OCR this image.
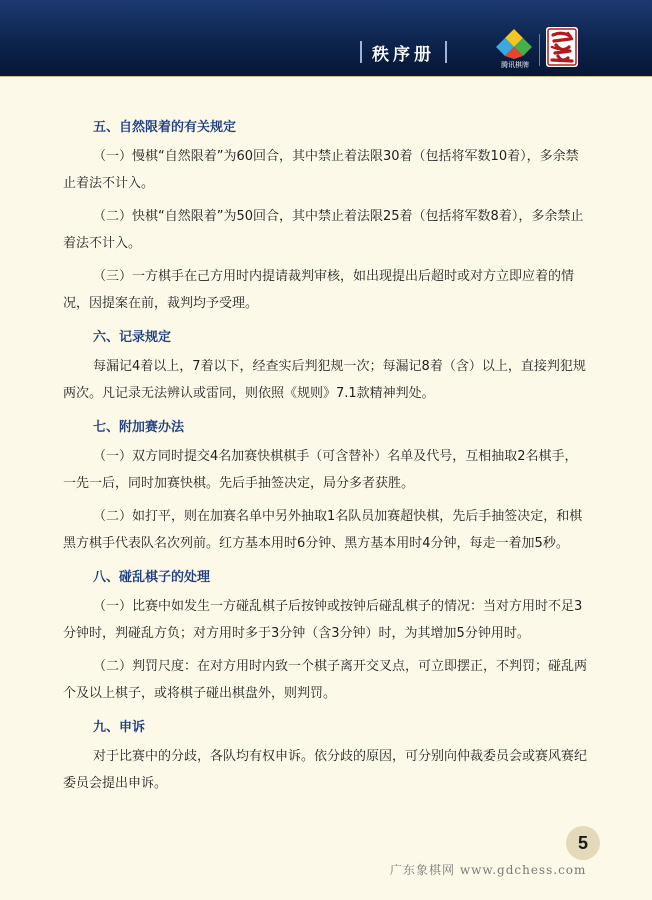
秩序册
腾讯棋牌
五、自然限着的有关规定

（一）慢棋“自然限着”为60回合，其中禁止着法限30着（包括将军数10着），多余禁止着法不计入。

（二）快棋“自然限着”为50回合，其中禁止着法限25着（包括将军数8着），多余禁止着法不计入。

（三）一方棋手在己方用时内提请裁判审核，如出现提出后超时或对方立即应着的情况，因提案在前，裁判均予受理。

六、记录规定

每漏记4着以上，7着以下，经查实后判犯规一次；每漏记8着（含）以上，直接判犯规两次。凡记录无法辨认或雷同，则依照《规则》7.1款精神判处。

七、附加赛办法

（一）双方同时提交4名加赛快棋棋手（可含替补）名单及代号，互相抽取2名棋手，一先一后，同时加赛快棋。先后手抽签决定，局分多者获胜。

（二）如打平，则在加赛名单中另外抽取1名队员加赛超快棋，先后手抽签决定，和棋黑方棋手代表队名次列前。红方基本用时6分钟、黑方基本用时4分钟，每走一着加5秒。

八、碰乱棋子的处理

（一）比赛中如发生一方碰乱棋子后按钟或按钟后碰乱棋子的情况：当对方用时不足3分钟时，判碰乱方负；对方用时多于3分钟（含3分钟）时，为其增加5分钟用时。

（二）判罚尺度：在对方用时内致一个棋子离开交叉点，可立即摆正，不判罚；碰乱两个及以上棋子，或将棋子碰出棋盘外，则判罚。

九、申诉

对于比赛中的分歧，各队均有权申诉。依分歧的原因，可分别向仲裁委员会或赛风赛纪委员会提出申诉。

5
广东象棋网 www.gdchess.com
